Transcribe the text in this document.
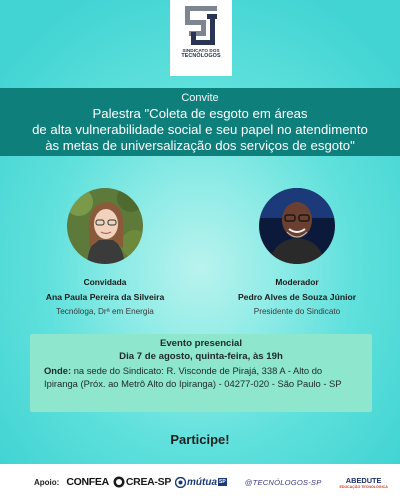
SINDICATO DOS
TECNÓLOGOS
Convite
Palestra "Coleta de esgoto em áreas
de alta vulnerabilidade social e seu papel no atendimento
às metas de universalização dos serviços de esgoto"
Convidada
Ana Paula Pereira da Silveira
Tecnóloga, Drª em Energia
Moderador
Pedro Alves de Souza Júnior
Presidente do Sindicato
Evento presencial
Dia 7 de agosto, quinta-feira, às 19h
Onde: na sede do Sindicato: R. Visconde de Pirajá, 338 A - Alto do Ipiranga (Próx. ao Metrô Alto do Ipiranga) - 04277-020 - São Paulo - SP
Participe!
Apoio: CONFEA CREA-SP mútua SP	@TECNÓLOGOS-SP	ABEDUTE
EDUCAÇÃO TECNOLÓGICA
